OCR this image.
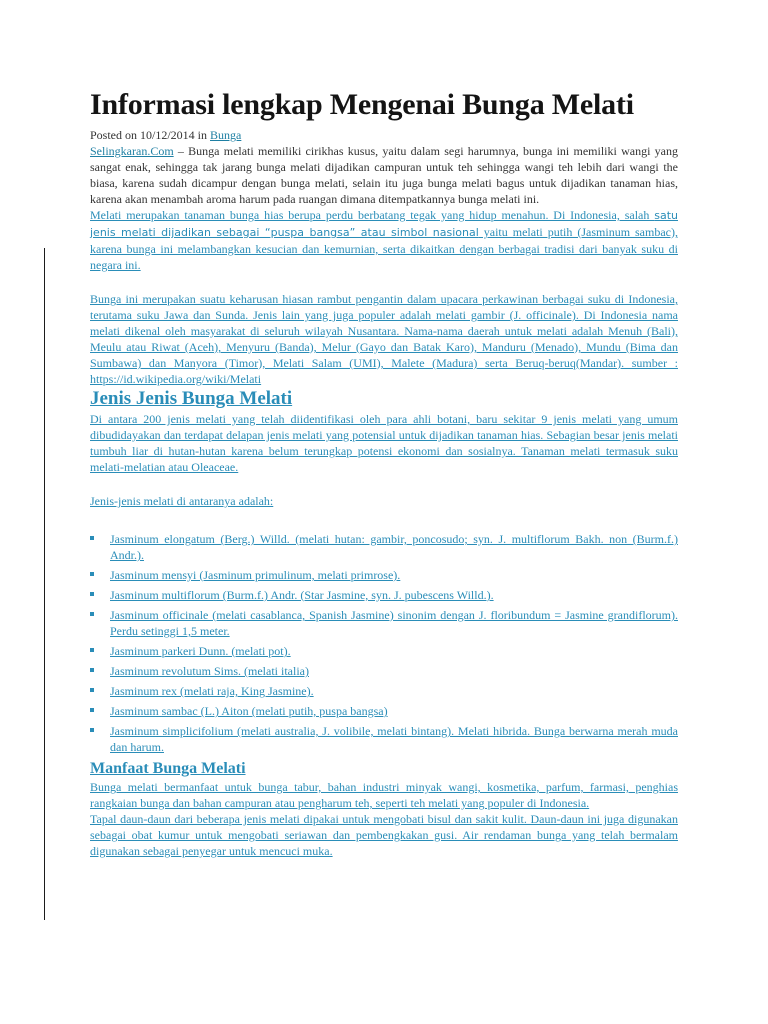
Informasi lengkap Mengenai Bunga Melati
Posted on 10/12/2014 in Bunga

Selingkaran.Com – Bunga melati memiliki cirikhas kusus, yaitu dalam segi harumnya, bunga ini memiliki wangi yang sangat enak, sehingga tak jarang bunga melati dijadikan campuran untuk teh sehingga wangi teh lebih dari wangi the biasa, karena sudah dicampur dengan bunga melati, selain itu juga bunga melati bagus untuk dijadikan tanaman hias, karena akan menambah aroma harum pada ruangan dimana ditempatkannya bunga melati ini.

Melati merupakan tanaman bunga hias berupa perdu berbatang tegak yang hidup menahun. Di Indonesia, salah satu jenis melati dijadikan sebagai “puspa bangsa” atau simbol nasional yaitu melati putih (Jasminum sambac), karena bunga ini melambangkan kesucian dan kemurnian, serta dikaitkan dengan berbagai tradisi dari banyak suku di negara ini.

Bunga ini merupakan suatu keharusan hiasan rambut pengantin dalam upacara perkawinan berbagai suku di Indonesia, terutama suku Jawa dan Sunda. Jenis lain yang juga populer adalah melati gambir (J. officinale). Di Indonesia nama melati dikenal oleh masyarakat di seluruh wilayah Nusantara. Nama-nama daerah untuk melati adalah Menuh (Bali), Meulu atau Riwat (Aceh), Menyuru (Banda), Melur (Gayo dan Batak Karo), Manduru (Menado), Mundu (Bima dan Sumbawa) dan Manyora (Timor), Melati Salam (UMI), Malete (Madura) serta Beruq-beruq(Mandar). sumber : https://id.wikipedia.org/wiki/Melati

Jenis Jenis Bunga Melati

Di antara 200 jenis melati yang telah diidentifikasi oleh para ahli botani, baru sekitar 9 jenis melati yang umum dibudidayakan dan terdapat delapan jenis melati yang potensial untuk dijadikan tanaman hias. Sebagian besar jenis melati tumbuh liar di hutan-hutan karena belum terungkap potensi ekonomi dan sosialnya. Tanaman melati termasuk suku melati-melatian atau Oleaceae.

Jenis-jenis melati di antaranya adalah:

Jasminum elongatum (Berg.) Willd. (melati hutan: gambir, poncosudo; syn. J. multiflorum Bakh. non (Burm.f.) Andr.).
Jasminum mensyi (Jasminum primulinum, melati primrose).
Jasminum multiflorum (Burm.f.) Andr. (Star Jasmine, syn. J. pubescens Willd.).
Jasminum officinale (melati casablanca, Spanish Jasmine) sinonim dengan J. floribundum = Jasmine grandiflorum). Perdu setinggi 1,5 meter.
Jasminum parkeri Dunn. (melati pot).
Jasminum revolutum Sims. (melati italia)
Jasminum rex (melati raja, King Jasmine).
Jasminum sambac (L.) Aiton (melati putih, puspa bangsa)
Jasminum simplicifolium (melati australia, J. volibile, melati bintang). Melati hibrida. Bunga berwarna merah muda dan harum.
Manfaat Bunga Melati

Bunga melati bermanfaat untuk bunga tabur, bahan industri minyak wangi, kosmetika, parfum, farmasi, penghias rangkaian bunga dan bahan campuran atau pengharum teh, seperti teh melati yang populer di Indonesia.

Tapal daun-daun dari beberapa jenis melati dipakai untuk mengobati bisul dan sakit kulit. Daun-daun ini juga digunakan sebagai obat kumur untuk mengobati seriawan dan pembengkakan gusi. Air rendaman bunga yang telah bermalam digunakan sebagai penyegar untuk mencuci muka.
